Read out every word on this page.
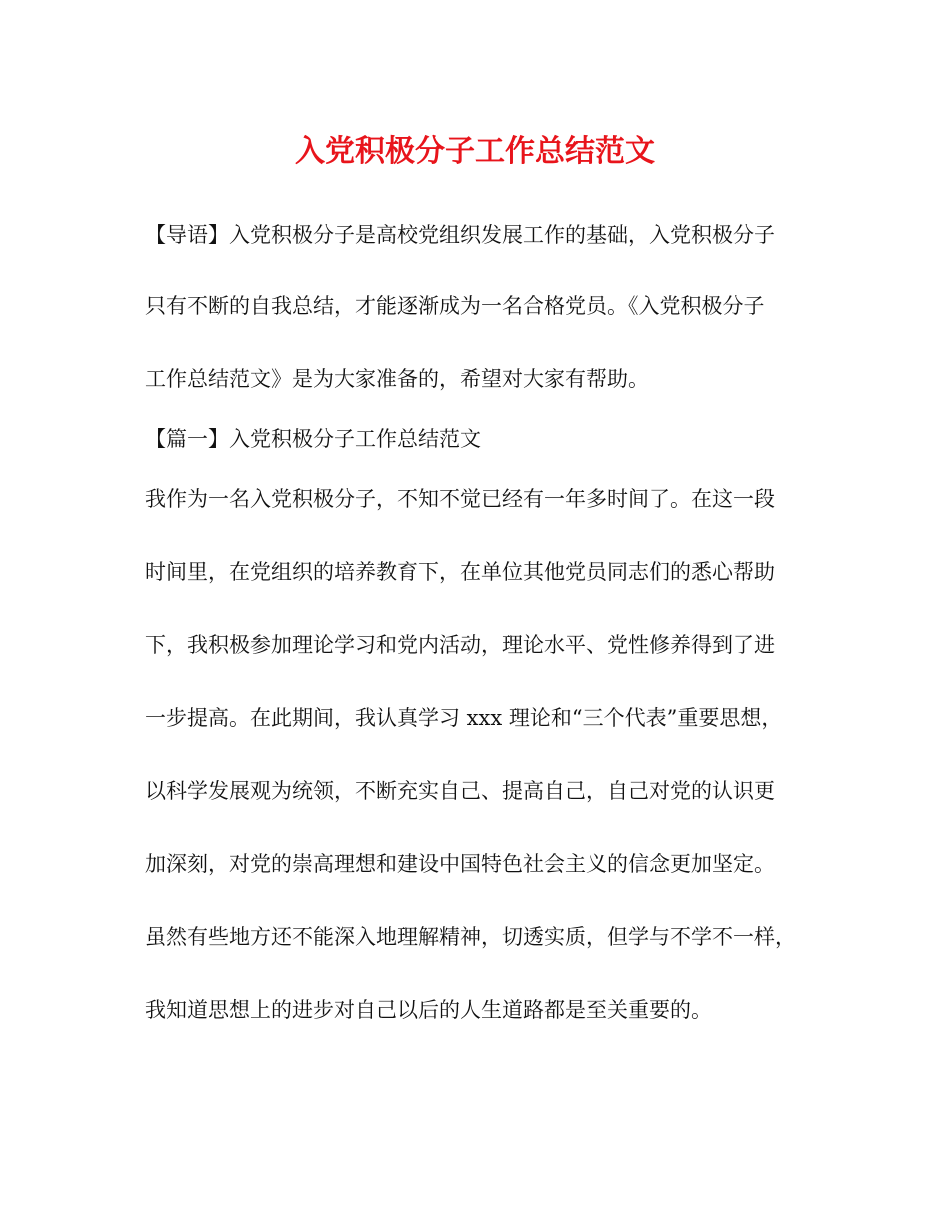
入党积极分子工作总结范文
【导语】入党积极分子是高校党组织发展工作的基础，入党积极分子
只有不断的自我总结，才能逐渐成为一名合格党员。《入党积极分子
工作总结范文》是为大家准备的，希望对大家有帮助。
【篇一】入党积极分子工作总结范文
我作为一名入党积极分子，不知不觉已经有一年多时间了。在这一段
时间里，在党组织的培养教育下，在单位其他党员同志们的悉心帮助
下，我积极参加理论学习和党内活动，理论水平、党性修养得到了进
一步提高。在此期间，我认真学习 xxx 理论和“三个代表”重要思想，
以科学发展观为统领，不断充实自己、提高自己，自己对党的认识更
加深刻，对党的崇高理想和建设中国特色社会主义的信念更加坚定。
虽然有些地方还不能深入地理解精神，切透实质，但学与不学不一样，
我知道思想上的进步对自己以后的人生道路都是至关重要的。
